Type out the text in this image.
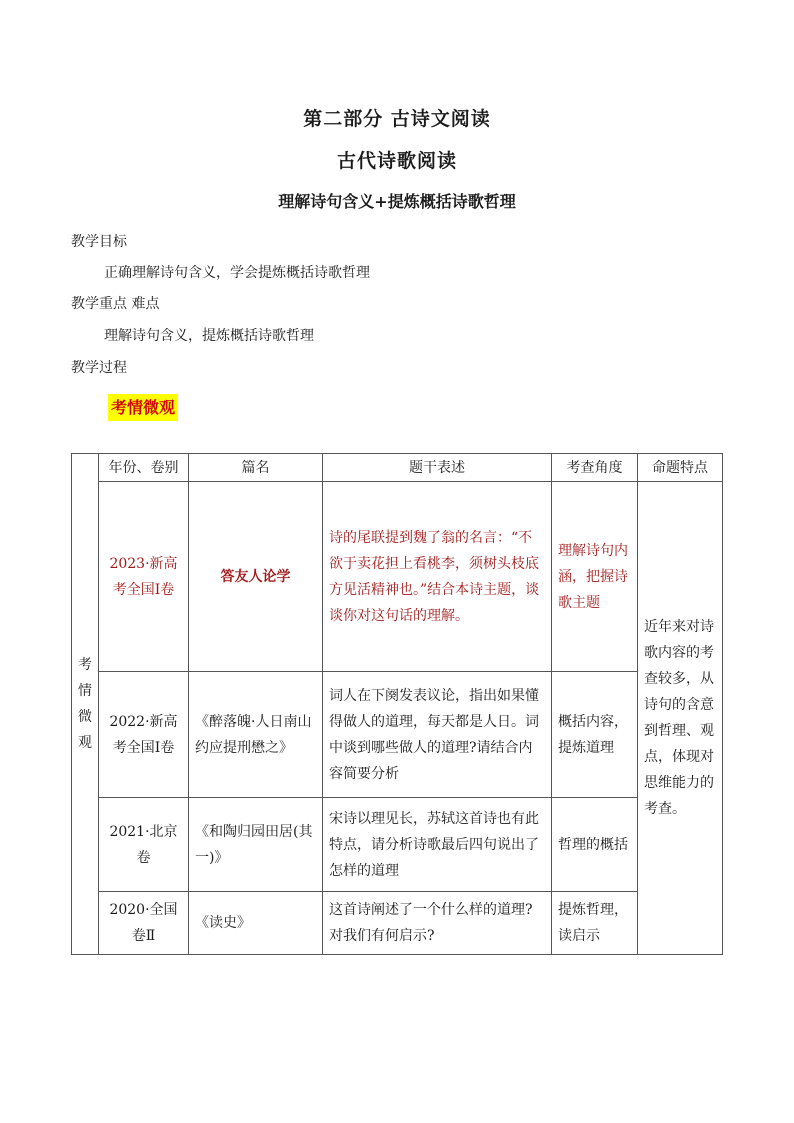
第二部分 古诗文阅读
古代诗歌阅读
理解诗句含义+提炼概括诗歌哲理
教学目标
正确理解诗句含义，学会提炼概括诗歌哲理
教学重点 难点
理解诗句含义，提炼概括诗歌哲理
教学过程
考情微观
考情微观	年份、卷别	篇名	题干表述	考查角度	命题特点
	2023·新高考全国Ⅰ卷	答友人论学	诗的尾联提到魏了翁的名言：“不欲于卖花担上看桃李，须树头枝底方见活精神也。”结合本诗主题，谈谈你对这句话的理解。	理解诗句内涵，把握诗歌主题	近年来对诗歌内容的考查较多，从诗句的含意到哲理、观点，体现对思维能力的考查。
	2022·新高考全国Ⅰ卷	《醉落魄·人日南山约应提刑懋之》	词人在下阕发表议论，指出如果懂得做人的道理，每天都是人日。词中谈到哪些做人的道理?请结合内容简要分析	概括内容，提炼道理	
	2021·北京卷	《和陶归园田居(其一)》	宋诗以理见长，苏轼这首诗也有此特点，请分析诗歌最后四句说出了怎样的道理	哲理的概括	
	2020·全国卷Ⅱ	《读史》	这首诗阐述了一个什么样的道理?对我们有何启示?	提炼哲理，读启示	
